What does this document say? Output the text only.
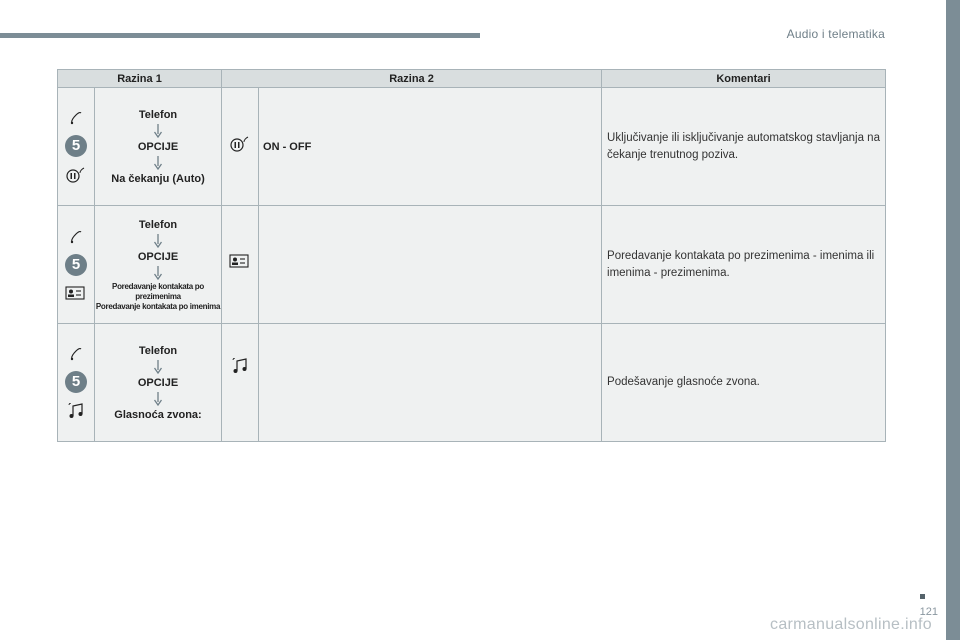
Audio i telematika
Razina 1		Razina 2		Komentari

5	Telefon
OPCIJE
Na čekanju (Auto)		ON - OFF	Uključivanje ili isključivanje automatskog stavljanja na čekanje trenutnog poziva.

5	Telefon
OPCIJE
Poredavanje kontakata po prezimenima
Poredavanje kontakata po imenima			Poredavanje kontakata po prezimenima - imenima ili imenima - prezimenima.

5	Telefon
OPCIJE
Glasnoća zvona:			Podešavanje glasnoće zvona.
121
carmanualsonline.info
